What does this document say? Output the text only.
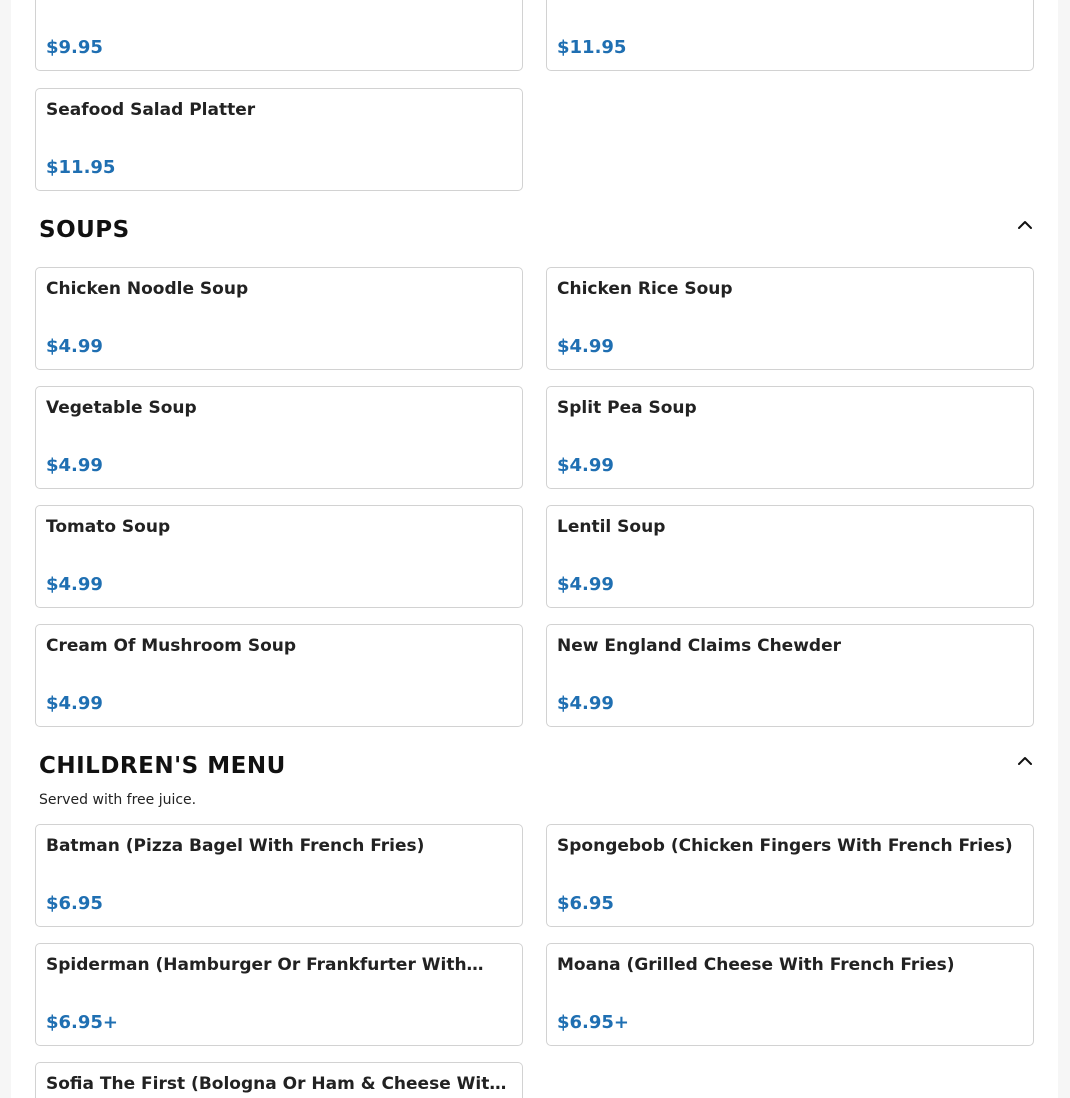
$9.95	$11.95
Seafood Salad Platter
$11.95
SOUPS
Chicken Noodle Soup
$4.99
Chicken Rice Soup
$4.99
Vegetable Soup
$4.99
Split Pea Soup
$4.99
Tomato Soup
$4.99
Lentil Soup
$4.99
Cream Of Mushroom Soup
$4.99
New England Claims Chewder
$4.99
CHILDREN'S MENU
Served with free juice.
Batman (Pizza Bagel With French Fries)
$6.95
Spongebob (Chicken Fingers With French Fries)
$6.95
Spiderman (Hamburger Or Frankfurter With…
$6.95+
Moana (Grilled Cheese With French Fries)
$6.95+
Sofia The First (Bologna Or Ham & Cheese Wit…
